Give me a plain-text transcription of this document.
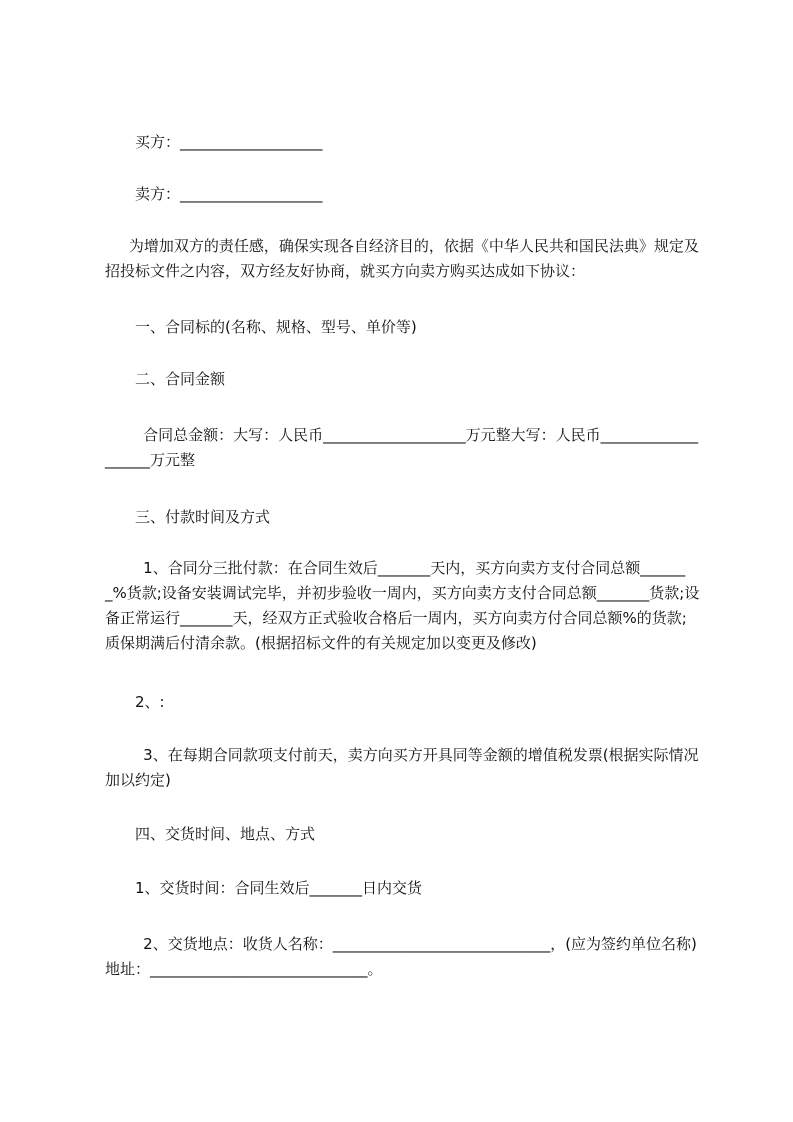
买方：___________________

卖方：___________________

为增加双方的责任感，确保实现各自经济目的，依据《中华人民共和国民法典》规定及招投标文件之内容，双方经友好协商，就买方向卖方购买达成如下协议：

一、合同标的(名称、规格、型号、单价等)

二、合同金额

合同总金额：大写：人民币___________________万元整大写：人民币___________________万元整

三、付款时间及方式

1、合同分三批付款：在合同生效后_______天内，买方向卖方支付合同总额_______%货款;设备安装调试完毕，并初步验收一周内，买方向卖方支付合同总额_______货款;设备正常运行_______天，经双方正式验收合格后一周内，买方向卖方付合同总额%的货款;质保期满后付清余款。(根据招标文件的有关规定加以变更及修改)

2、:

3、在每期合同款项支付前天，卖方向买方开具同等金额的增值税发票(根据实际情况加以约定)

四、交货时间、地点、方式

1、交货时间：合同生效后_______日内交货

2、交货地点：收货人名称：_____________________________，(应为签约单位名称)地址：_____________________________。
